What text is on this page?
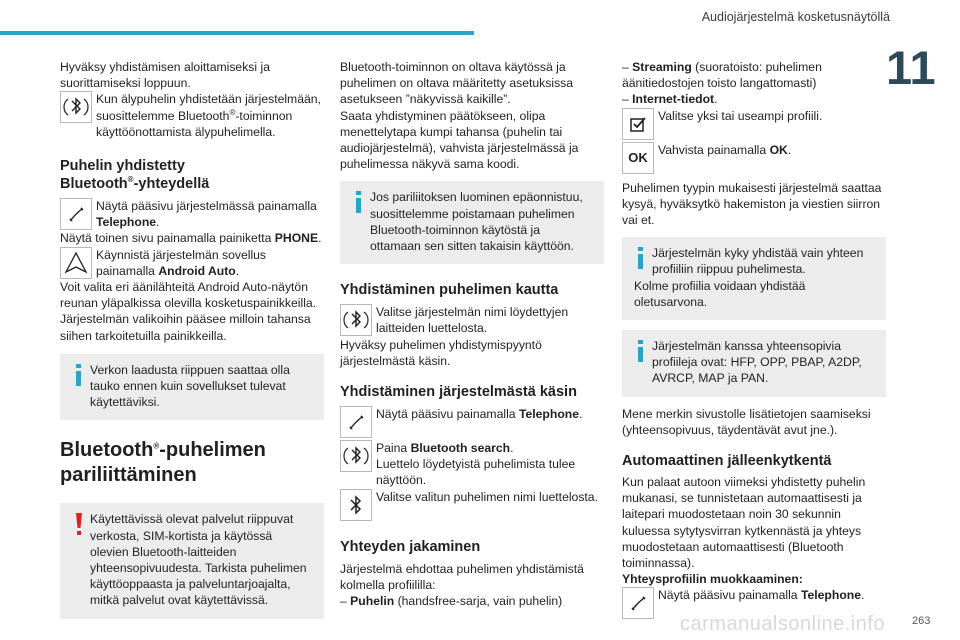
Audiojärjestelmä kosketusnäytöllä
11

Hyväksy yhdistämisen aloittamiseksi ja suorittamiseksi loppuun.

Kun älypuhelin yhdistetään järjestelmään, suosittelemme Bluetooth®-toiminnon käyttöönottamista älypuhelimella.

Puhelin yhdistetty
Bluetooth®-yhteydellä

Näytä pääsivu järjestelmässä painamalla Telephone.

Näytä toinen sivu painamalla painiketta PHONE.

Käynnistä järjestelmän sovellus painamalla Android Auto.

Voit valita eri äänilähteitä Android Auto-näytön reunan yläpalkissa olevilla kosketuspainikkeilla. Järjestelmän valikoihin pääsee milloin tahansa siihen tarkoitetuilla painikkeilla.

Verkon laadusta riippuen saattaa olla tauko ennen kuin sovellukset tulevat käytettäviksi.

Bluetooth®-puhelimen pariliittäminen

Käytettävissä olevat palvelut riippuvat verkosta, SIM-kortista ja käytössä olevien Bluetooth-laitteiden yhteensopivuudesta. Tarkista puhelimen käyttöoppaasta ja palveluntarjoajalta, mitkä palvelut ovat käytettävissä.

Bluetooth-toiminnon on oltava käytössä ja puhelimen on oltava määritetty asetuksissa asetukseen ”näkyvissä kaikille”.

Saata yhdistyminen päätökseen, olipa menettelytapa kumpi tahansa (puhelin tai audiojärjestelmä), vahvista järjestelmässä ja puhelimessa näkyvä sama koodi.

Jos pariliitoksen luominen epäonnistuu, suosittelemme poistamaan puhelimen Bluetooth-toiminnon käytöstä ja ottamaan sen sitten takaisin käyttöön.

Yhdistäminen puhelimen kautta

Valitse järjestelmän nimi löydettyjen laitteiden luettelosta.

Hyväksy puhelimen yhdistymispyyntö järjestelmästä käsin.

Yhdistäminen järjestelmästä käsin

Näytä pääsivu painamalla Telephone.
Paina Bluetooth search.
Luettelo löydetyistä puhelimista tulee näyttöön.
Valitse valitun puhelimen nimi luettelosta.

Yhteyden jakaminen

Järjestelmä ehdottaa puhelimen yhdistämistä kolmella profiililla:

– Puhelin (handsfree-sarja, vain puhelin)

– Streaming (suoratoisto: puhelimen äänitiedostojen toisto langattomasti)

– Internet-tiedot.

Valitse yksi tai useampi profiili.
OK Vahvista painamalla OK.

Puhelimen tyypin mukaisesti järjestelmä saattaa kysyä, hyväksytkö hakemiston ja viestien siirron vai et.

Järjestelmän kyky yhdistää vain yhteen profiiliin riippuu puhelimesta.

Kolme profiilia voidaan yhdistää oletusarvona.

Järjestelmän kanssa yhteensopivia profiileja ovat: HFP, OPP, PBAP, A2DP, AVRCP, MAP ja PAN.

Mene merkin sivustolle lisätietojen saamiseksi (yhteensopivuus, täydentävät avut jne.).

Automaattinen jälleenkytkentä

Kun palaat autoon viimeksi yhdistetty puhelin mukanasi, se tunnistetaan automaattisesti ja laitepari muodostetaan noin 30 sekunnin kuluessa sytytysvirran kytkennästä ja yhteys muodostetaan automaattisesti (Bluetooth toiminnassa).

Yhteysprofiilin muokkaaminen:

Näytä pääsivu painamalla Telephone.
carmanualsonline.info 263
